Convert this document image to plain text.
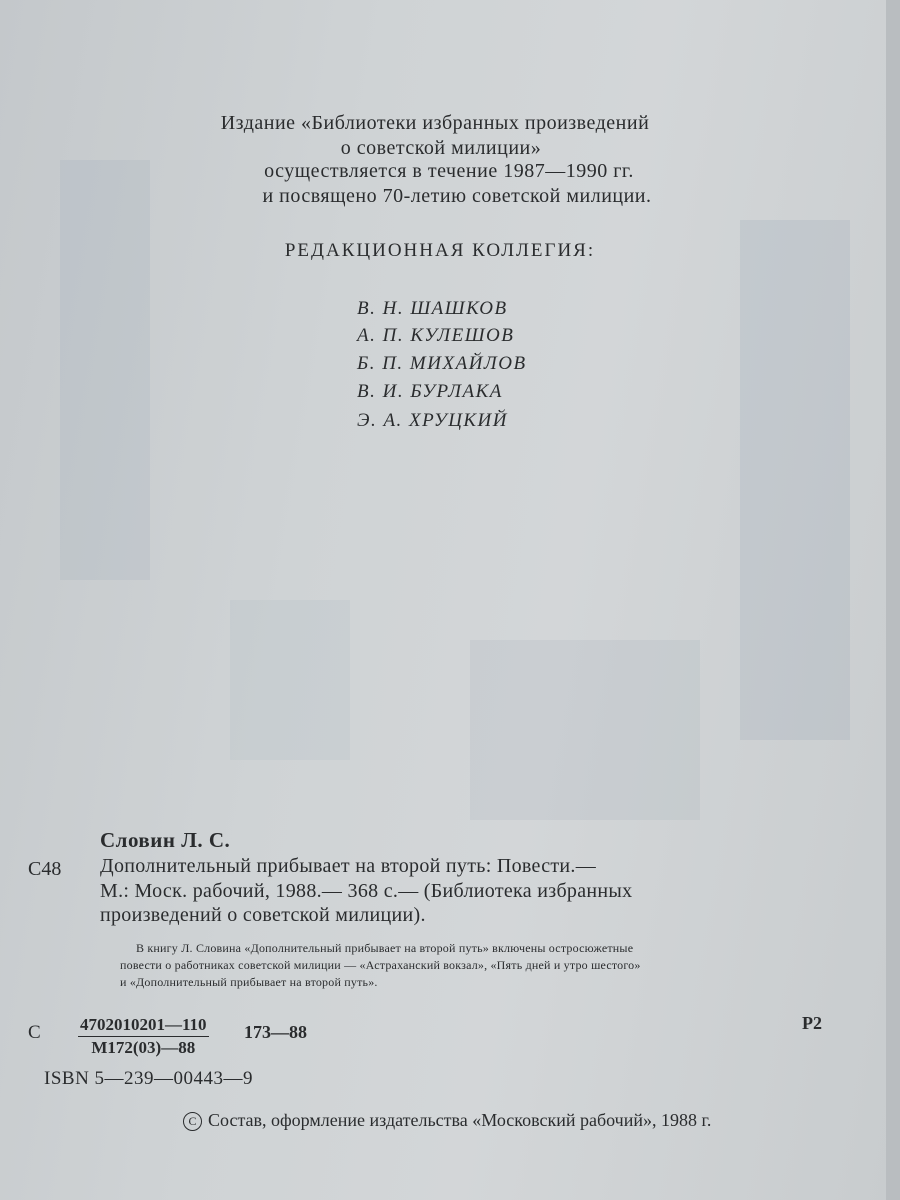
Издание «Библиотеки избранных произведений
о советской милиции»
осуществляется в течение 1987—1990 гг.
и посвящено 70-летию советской милиции.
РЕДАКЦИОННАЯ КОЛЛЕГИЯ:
В. Н. ШАШКОВ
А. П. КУЛЕШОВ
Б. П. МИХАЙЛОВ
В. И. БУРЛАКА
Э. А. ХРУЦКИЙ
Словин Л. С.
С48 Дополнительный прибывает на второй путь: Повести.—
М.: Моск. рабочий, 1988.— 368 с.— (Библиотека избранных
произведений о советской милиции).
В книгу Л. Словина «Дополнительный прибывает на второй путь» включены остросюжетные
повести о работниках советской милиции — «Астраханский вокзал», «Пять дней и утро шестого»
и «Дополнительный прибывает на второй путь».
С 4702010201—110
М172(03)—88
173—88	Р2
ISBN 5—239—00443—9
C Состав, оформление издательства «Московский рабочий», 1988 г.
